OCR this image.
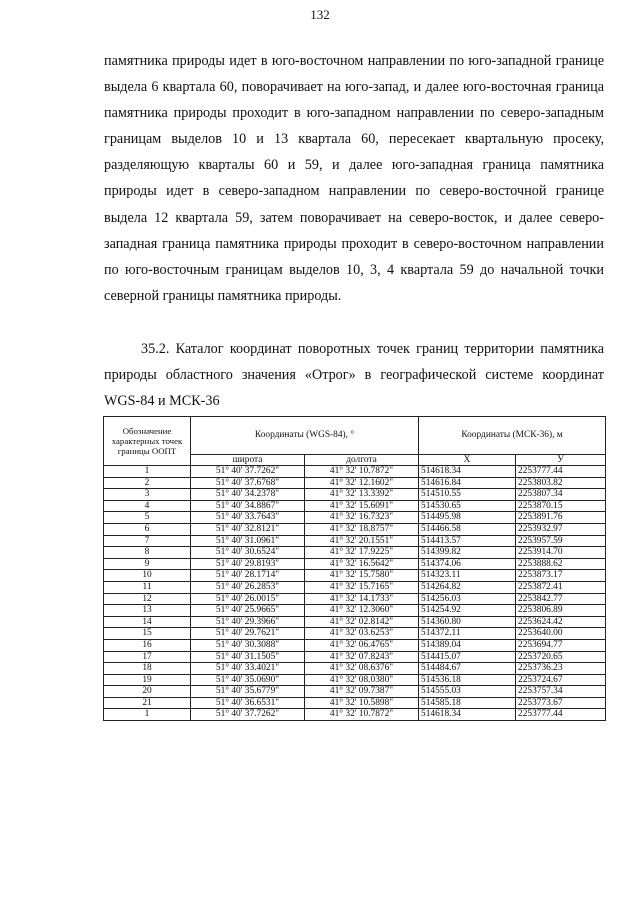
132

памятника природы идет в юго-восточном направлении по юго-западной границе выдела 6 квартала 60, поворачивает на юго-запад, и далее юго-восточная граница памятника природы проходит в юго-западном направлении по северо-западным границам выделов 10 и 13 квартала 60, пересекает квартальную просеку, разделяющую кварталы 60 и 59, и далее юго-западная граница памятника природы идет в северо-западном направлении по северо-восточной границе выдела 12 квартала 59, затем поворачивает на северо-восток, и далее северо-западная граница памятника природы проходит в северо-восточном направлении по юго-восточным границам выделов 10, 3, 4 квартала 59 до начальной точки северной границы памятника природы.

35.2. Каталог координат поворотных точек границ территории памятника природы областного значения «Отрог» в географической системе координат WGS-84 и МСК-36

Обозначение характерных точек границы ООПТ	Координаты (WGS-84), °		Координаты (МСК-36), м	
	широта	долгота	Х	У
1	51° 40' 37.7262"	41° 32' 10.7872"	514618.34	2253777.44
2	51° 40' 37.6768"	41° 32' 12.1602"	514616.84	2253803.82
3	51° 40' 34.2378"	41° 32' 13.3392"	514510.55	2253807.34
4	51° 40' 34.8867"	41° 32' 15.6091"	514530.65	2253870.15
5	51° 40' 33.7643"	41° 32' 16.7323"	514495.98	2253891.76
6	51° 40' 32.8121"	41° 32' 18.8757"	514466.58	2253932.97
7	51° 40' 31.0961"	41° 32' 20.1551"	514413.57	2253957.59
8	51° 40' 30.6524"	41° 32' 17.9225"	514399.82	2253914.70
9	51° 40' 29.8193"	41° 32' 16.5642"	514374.06	2253888.62
10	51° 40' 28.1714"	41° 32' 15.7580"	514323.11	2253873.17
11	51° 40' 26.2853"	41° 32' 15.7165"	514264.82	2253872.41
12	51° 40' 26.0015"	41° 32' 14.1733"	514256.03	2253842.77
13	51° 40' 25.9665"	41° 32' 12.3060"	514254.92	2253806.89
14	51° 40' 29.3966"	41° 32' 02.8142"	514360.80	2253624.42
15	51° 40' 29.7621"	41° 32' 03.6253"	514372.11	2253640.00
16	51° 40' 30.3088"	41° 32' 06.4765"	514389.04	2253694.77
17	51° 40' 31.1505"	41° 32' 07.8243"	514415.07	2253720.65
18	51° 40' 33.4021"	41° 32' 08.6376"	514484.67	2253736.23
19	51° 40' 35.0690"	41° 32' 08.0380"	514536.18	2253724.67
20	51° 40' 35.6779"	41° 32' 09.7387"	514555.03	2253757.34
21	51° 40' 36.6531"	41° 32' 10.5898"	514585.18	2253773.67
1	51° 40' 37.7262"	41° 32' 10.7872"	514618.34	2253777.44
